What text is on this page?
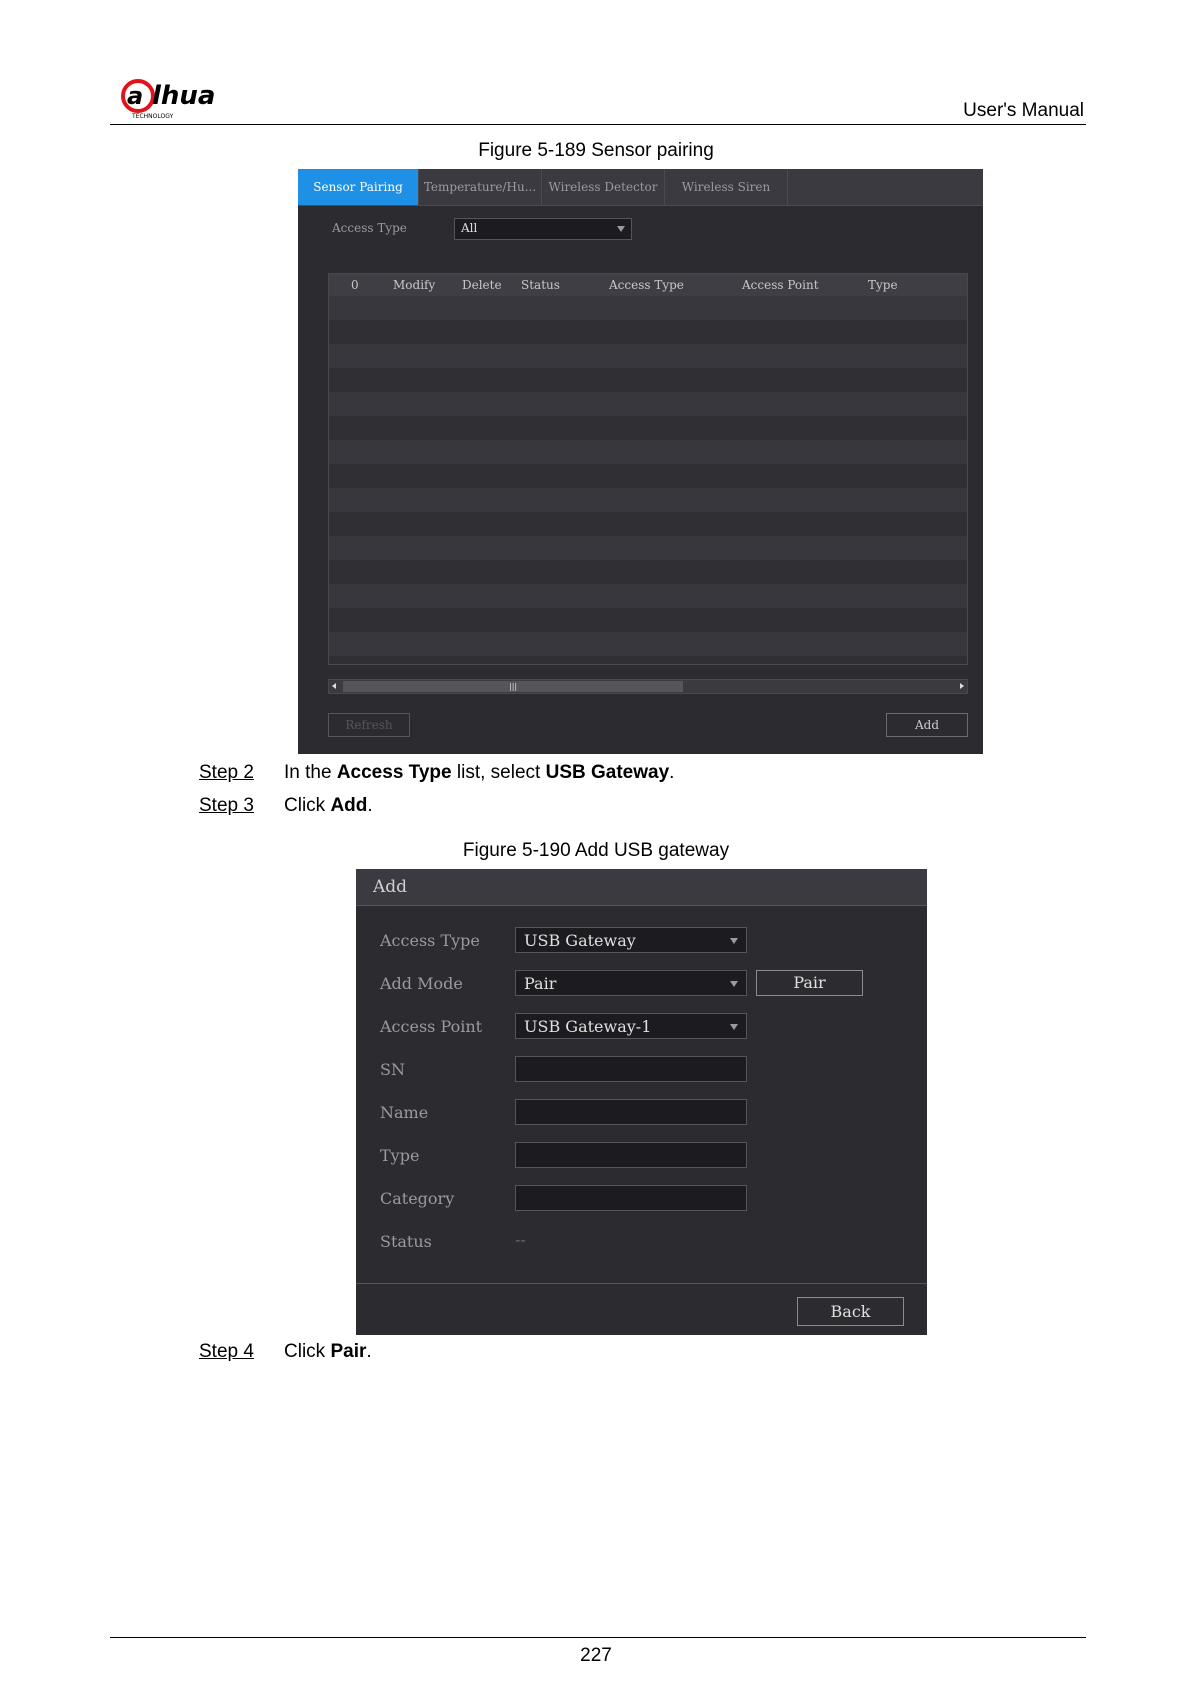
a lhua
TECHNOLOGY	User's Manual
Figure 5-189 Sensor pairing
Sensor Pairing	Temperature/Hu...	Wireless Detector	Wireless Siren
Access Type	All
0	Modify Delete Status	Access Type	Access Point	Type
|||
Refresh	Add
Step 2 In the Access Type list, select USB Gateway.
Step 3 Click Add.
Figure 5-190 Add USB gateway
Add
Access Type	USB Gateway
Add Mode	Pair	Pair
Access Point	USB Gateway-1
SN
Name
Type
Category
Status	--
Back
Step 4 Click Pair.
227
